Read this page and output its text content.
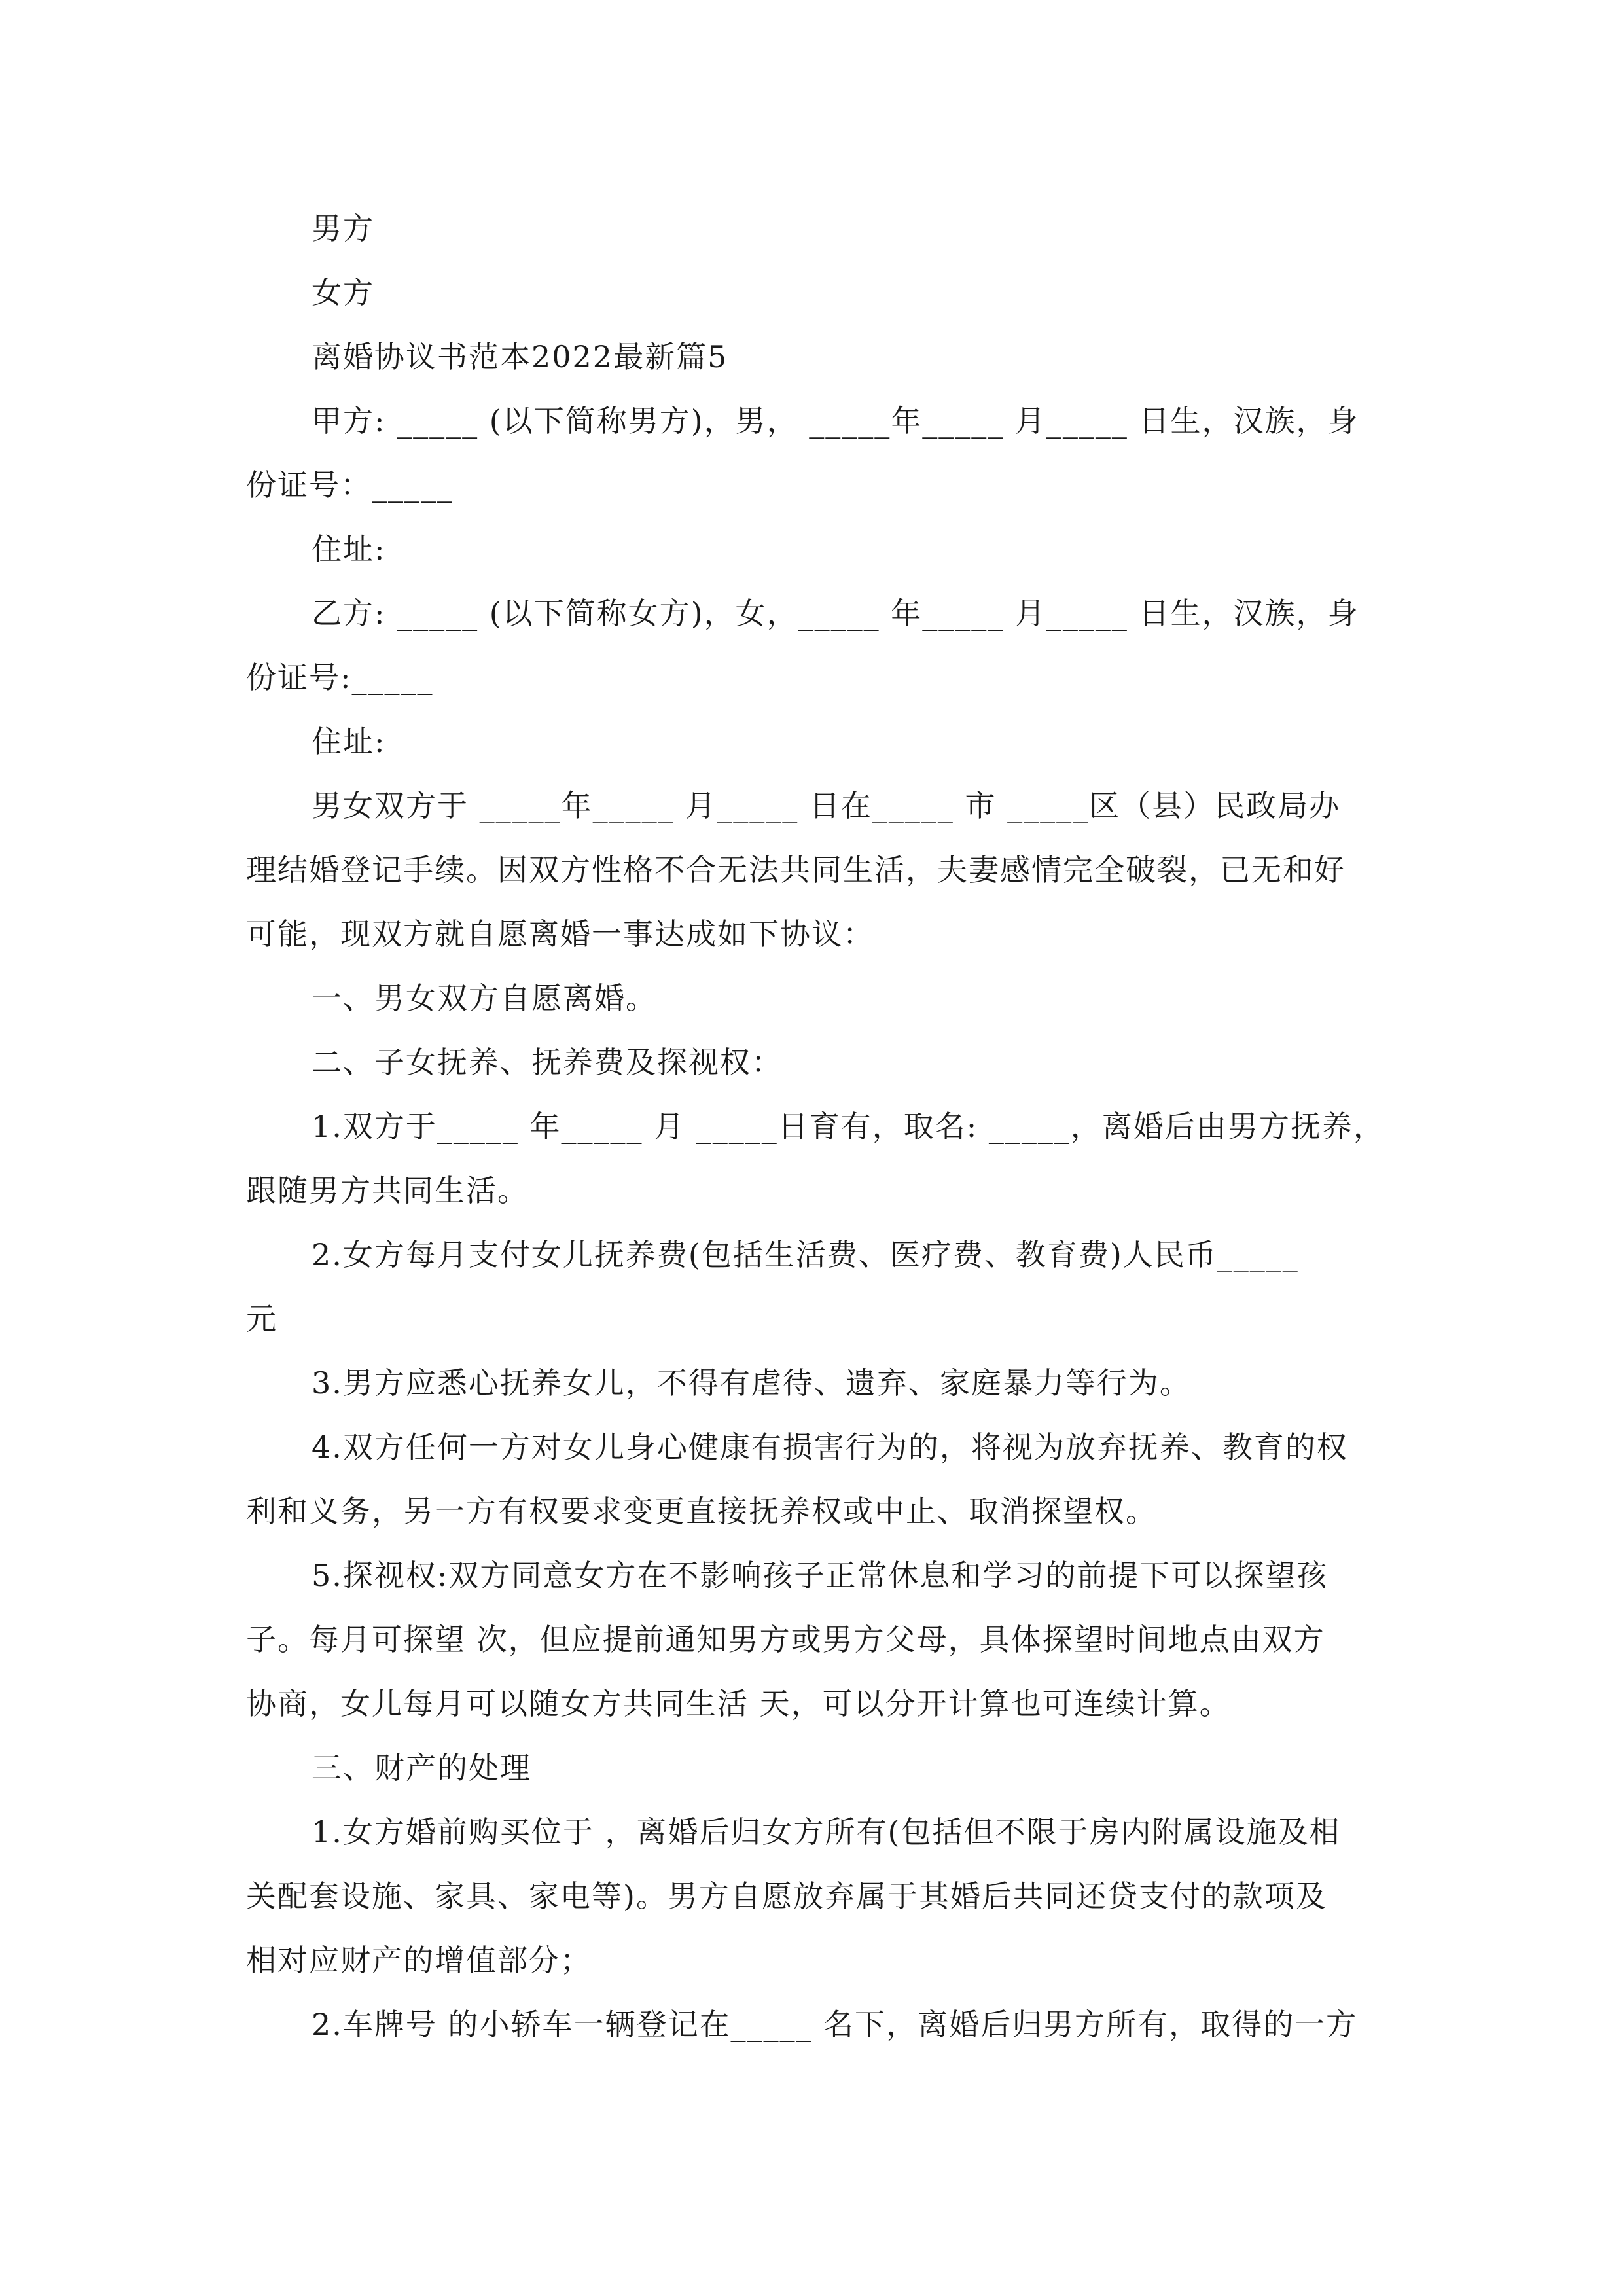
男方
女方
离婚协议书范本2022最新篇5
甲方: _____ (以下简称男方)，男， _____年_____ 月_____ 日生，汉族，身
份证号：_____
住址:
乙方: _____ (以下简称女方)，女，_____ 年_____ 月_____ 日生，汉族，身
份证号:_____
住址:
男女双方于 _____年_____ 月_____ 日在_____ 市 _____区（县）民政局办
理结婚登记手续。因双方性格不合无法共同生活，夫妻感情完全破裂，已无和好
可能，现双方就自愿离婚一事达成如下协议：
一、男女双方自愿离婚。
二、子女抚养、抚养费及探视权：
1.双方于_____ 年_____ 月 _____日育有，取名: _____，离婚后由男方抚养，
跟随男方共同生活。
2.女方每月支付女儿抚养费(包括生活费、医疗费、教育费)人民币_____
元
3.男方应悉心抚养女儿，不得有虐待、遗弃、家庭暴力等行为。
4.双方任何一方对女儿身心健康有损害行为的，将视为放弃抚养、教育的权
利和义务，另一方有权要求变更直接抚养权或中止、取消探望权。
5.探视权:双方同意女方在不影响孩子正常休息和学习的前提下可以探望孩
子。每月可探望 次，但应提前通知男方或男方父母，具体探望时间地点由双方
协商，女儿每月可以随女方共同生活 天，可以分开计算也可连续计算。
三、财产的处理
1.女方婚前购买位于 ，离婚后归女方所有(包括但不限于房内附属设施及相
关配套设施、家具、家电等)。男方自愿放弃属于其婚后共同还贷支付的款项及
相对应财产的增值部分；
2.车牌号 的小轿车一辆登记在_____ 名下，离婚后归男方所有，取得的一方
